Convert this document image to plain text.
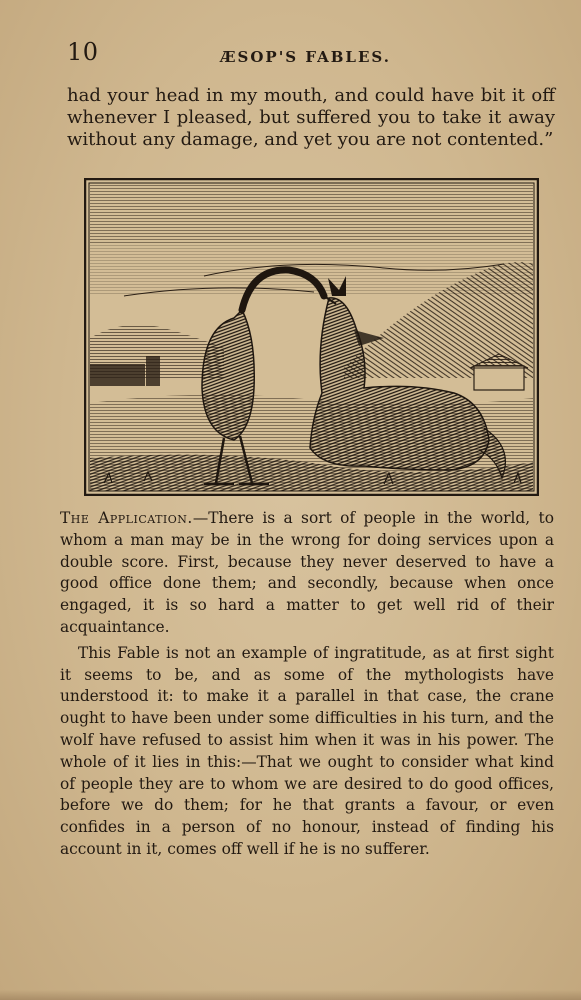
10	ÆSOP'S FABLES.
had your head in my mouth, and could have bit it off whenever I pleased, but suffered you to take it away without any damage, and yet you are not contented.”

The Application.—There is a sort of people in the world, to whom a man may be in the wrong for doing services upon a double score. First, because they never deserved to have a good office done them; and secondly, because when once engaged, it is so hard a matter to get well rid of their acquaintance.

This Fable is not an example of ingratitude, as at first sight it seems to be, and as some of the mythologists have understood it: to make it a parallel in that case, the crane ought to have been under some difficulties in his turn, and the wolf have refused to assist him when it was in his power. The whole of it lies in this:—That we ought to consider what kind of people they are to whom we are desired to do good offices, before we do them; for he that grants a favour, or even confides in a person of no honour, instead of finding his account in it, comes off well if he is no sufferer.
